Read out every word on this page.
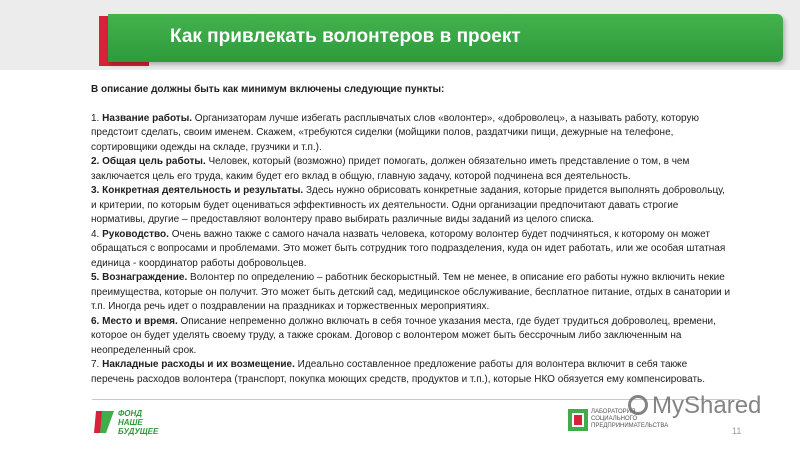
Как привлекать волонтеров в проект

В описание должны быть как минимум включены следующие пункты:

1. Название работы. Организаторам лучше избегать расплывчатых слов «волонтер», «доброволец», а называть работу, которую предстоит сделать, своим именем. Скажем, «требуются сиделки (мойщики полов, раздатчики пищи, дежурные на телефоне, сортировщики одежды на складе, грузчики и т.п.).

2. Общая цель работы. Человек, который (возможно) придет помогать, должен обязательно иметь представление о том, в чем заключается цель его труда, каким будет его вклад в общую, главную задачу, которой подчинена вся деятельность.

3. Конкретная деятельность и результаты. Здесь нужно обрисовать конкретные задания, которые придется выполнять добровольцу, и критерии, по которым будет оцениваться эффективность их деятельности. Одни организации предпочитают давать строгие нормативы, другие – предоставляют волонтеру право выбирать различные виды заданий из целого списка.

4. Руководство. Очень важно также с самого начала назвать человека, которому волонтер будет подчиняться, к которому он может обращаться с вопросами и проблемами. Это может быть сотрудник того подразделения, куда он идет работать, или же особая штатная единица - координатор работы добровольцев.

5. Вознаграждение. Волонтер по определению – работник бескорыстный. Тем не менее, в описание его работы нужно включить некие преимущества, которые он получит. Это может быть детский сад, медицинское обслуживание, бесплатное питание, отдых в санатории и т.п. Иногда речь идет о поздравлении на праздниках и торжественных мероприятиях.

6. Место и время. Описание непременно должно включать в себя точное указания места, где будет трудиться доброволец, времени, которое он будет уделять своему труду, а также срокам. Договор с волонтером может быть бессрочным либо заключенным на неопределенный срок.

7. Накладные расходы и их возмещение. Идеально составленное предложение работы для волонтера включит в себя также перечень расходов волонтера (транспорт, покупка моющих средств, продуктов и т.п.), которые НКО обязуется ему компенсировать.

ФОНД
НАШЕ
БУДУЩЕЕ
ЛАБОРАТОРИЯ
СОЦИАЛЬНОГО
ПРЕДПРИНИМАТЕЛЬСТВА
MyShared
11
